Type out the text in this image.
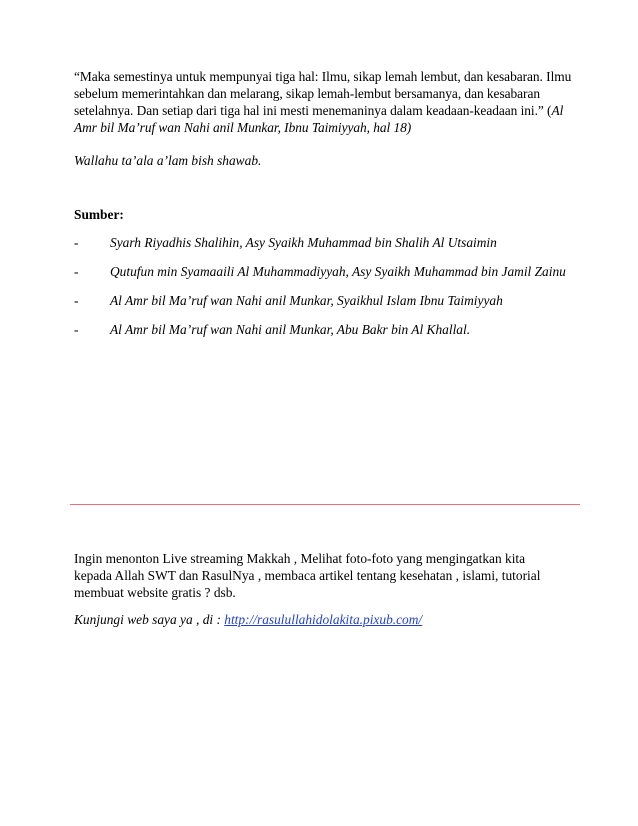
“Maka semestinya untuk mempunyai tiga hal: Ilmu, sikap lemah lembut, dan kesabaran. Ilmu sebelum memerintahkan dan melarang, sikap lemah-lembut bersamanya, dan kesabaran setelahnya. Dan setiap dari tiga hal ini mesti menemaninya dalam keadaan-keadaan ini.” (Al Amr bil Ma’ruf wan Nahi anil Munkar, Ibnu Taimiyyah, hal 18)

Wallahu ta’ala a’lam bish shawab.

Sumber:

- Syarh Riyadhis Shalihin, Asy Syaikh Muhammad bin Shalih Al Utsaimin
- Qutufun min Syamaaili Al Muhammadiyyah, Asy Syaikh Muhammad bin Jamil Zainu
- Al Amr bil Ma’ruf wan Nahi anil Munkar, Syaikhul Islam Ibnu Taimiyyah
- Al Amr bil Ma’ruf wan Nahi anil Munkar, Abu Bakr bin Al Khallal.

Ingin menonton Live streaming Makkah , Melihat foto-foto yang mengingatkan kita kepada Allah SWT dan RasulNya , membaca artikel tentang kesehatan , islami, tutorial membuat website gratis ? dsb.

Kunjungi web saya ya , di : http://rasulullahidolakita.pixub.com/
